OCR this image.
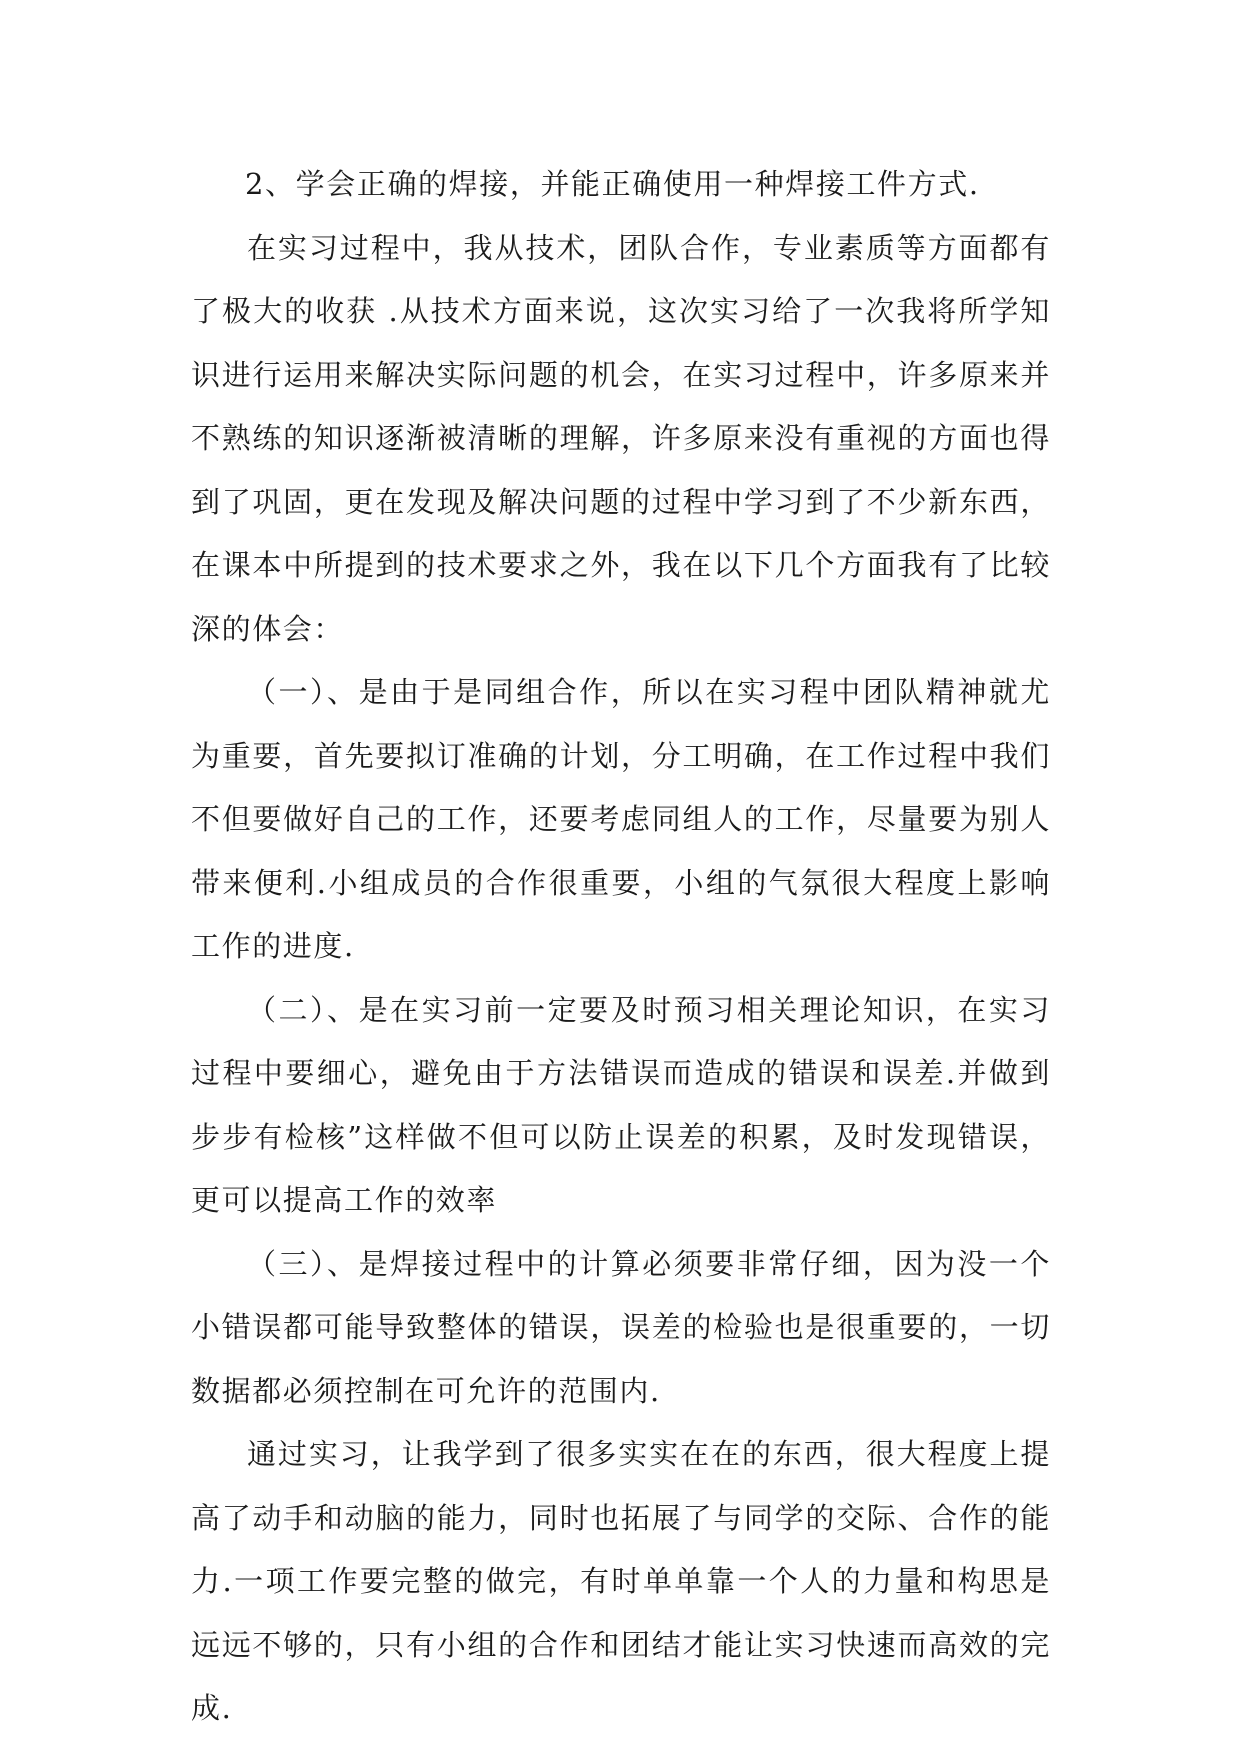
2、学会正确的焊接，并能正确使用一种焊接工件方式.

在实习过程中，我从技术，团队合作，专业素质等方面都有了极大的收获 .从技术方面来说，这次实习给了一次我将所学知识进行运用来解决实际问题的机会，在实习过程中，许多原来并不熟练的知识逐渐被清晰的理解，许多原来没有重视的方面也得到了巩固，更在发现及解决问题的过程中学习到了不少新东西，在课本中所提到的技术要求之外，我在以下几个方面我有了比较深的体会：

（一）、是由于是同组合作，所以在实习程中团队精神就尤为重要，首先要拟订准确的计划，分工明确，在工作过程中我们不但要做好自己的工作，还要考虑同组人的工作，尽量要为别人带来便利.小组成员的合作很重要，小组的气氛很大程度上影响工作的进度.

（二）、是在实习前一定要及时预习相关理论知识，在实习过程中要细心，避免由于方法错误而造成的错误和误差.并做到步步有检核”这样做不但可以防止误差的积累，及时发现错误，更可以提高工作的效率

（三）、是焊接过程中的计算必须要非常仔细，因为没一个小错误都可能导致整体的错误，误差的检验也是很重要的，一切数据都必须控制在可允许的范围内.

通过实习，让我学到了很多实实在在的东西，很大程度上提高了动手和动脑的能力，同时也拓展了与同学的交际、合作的能力.一项工作要完整的做完，有时单单靠一个人的力量和构思是远远不够的，只有小组的合作和团结才能让实习快速而高效的完成.
